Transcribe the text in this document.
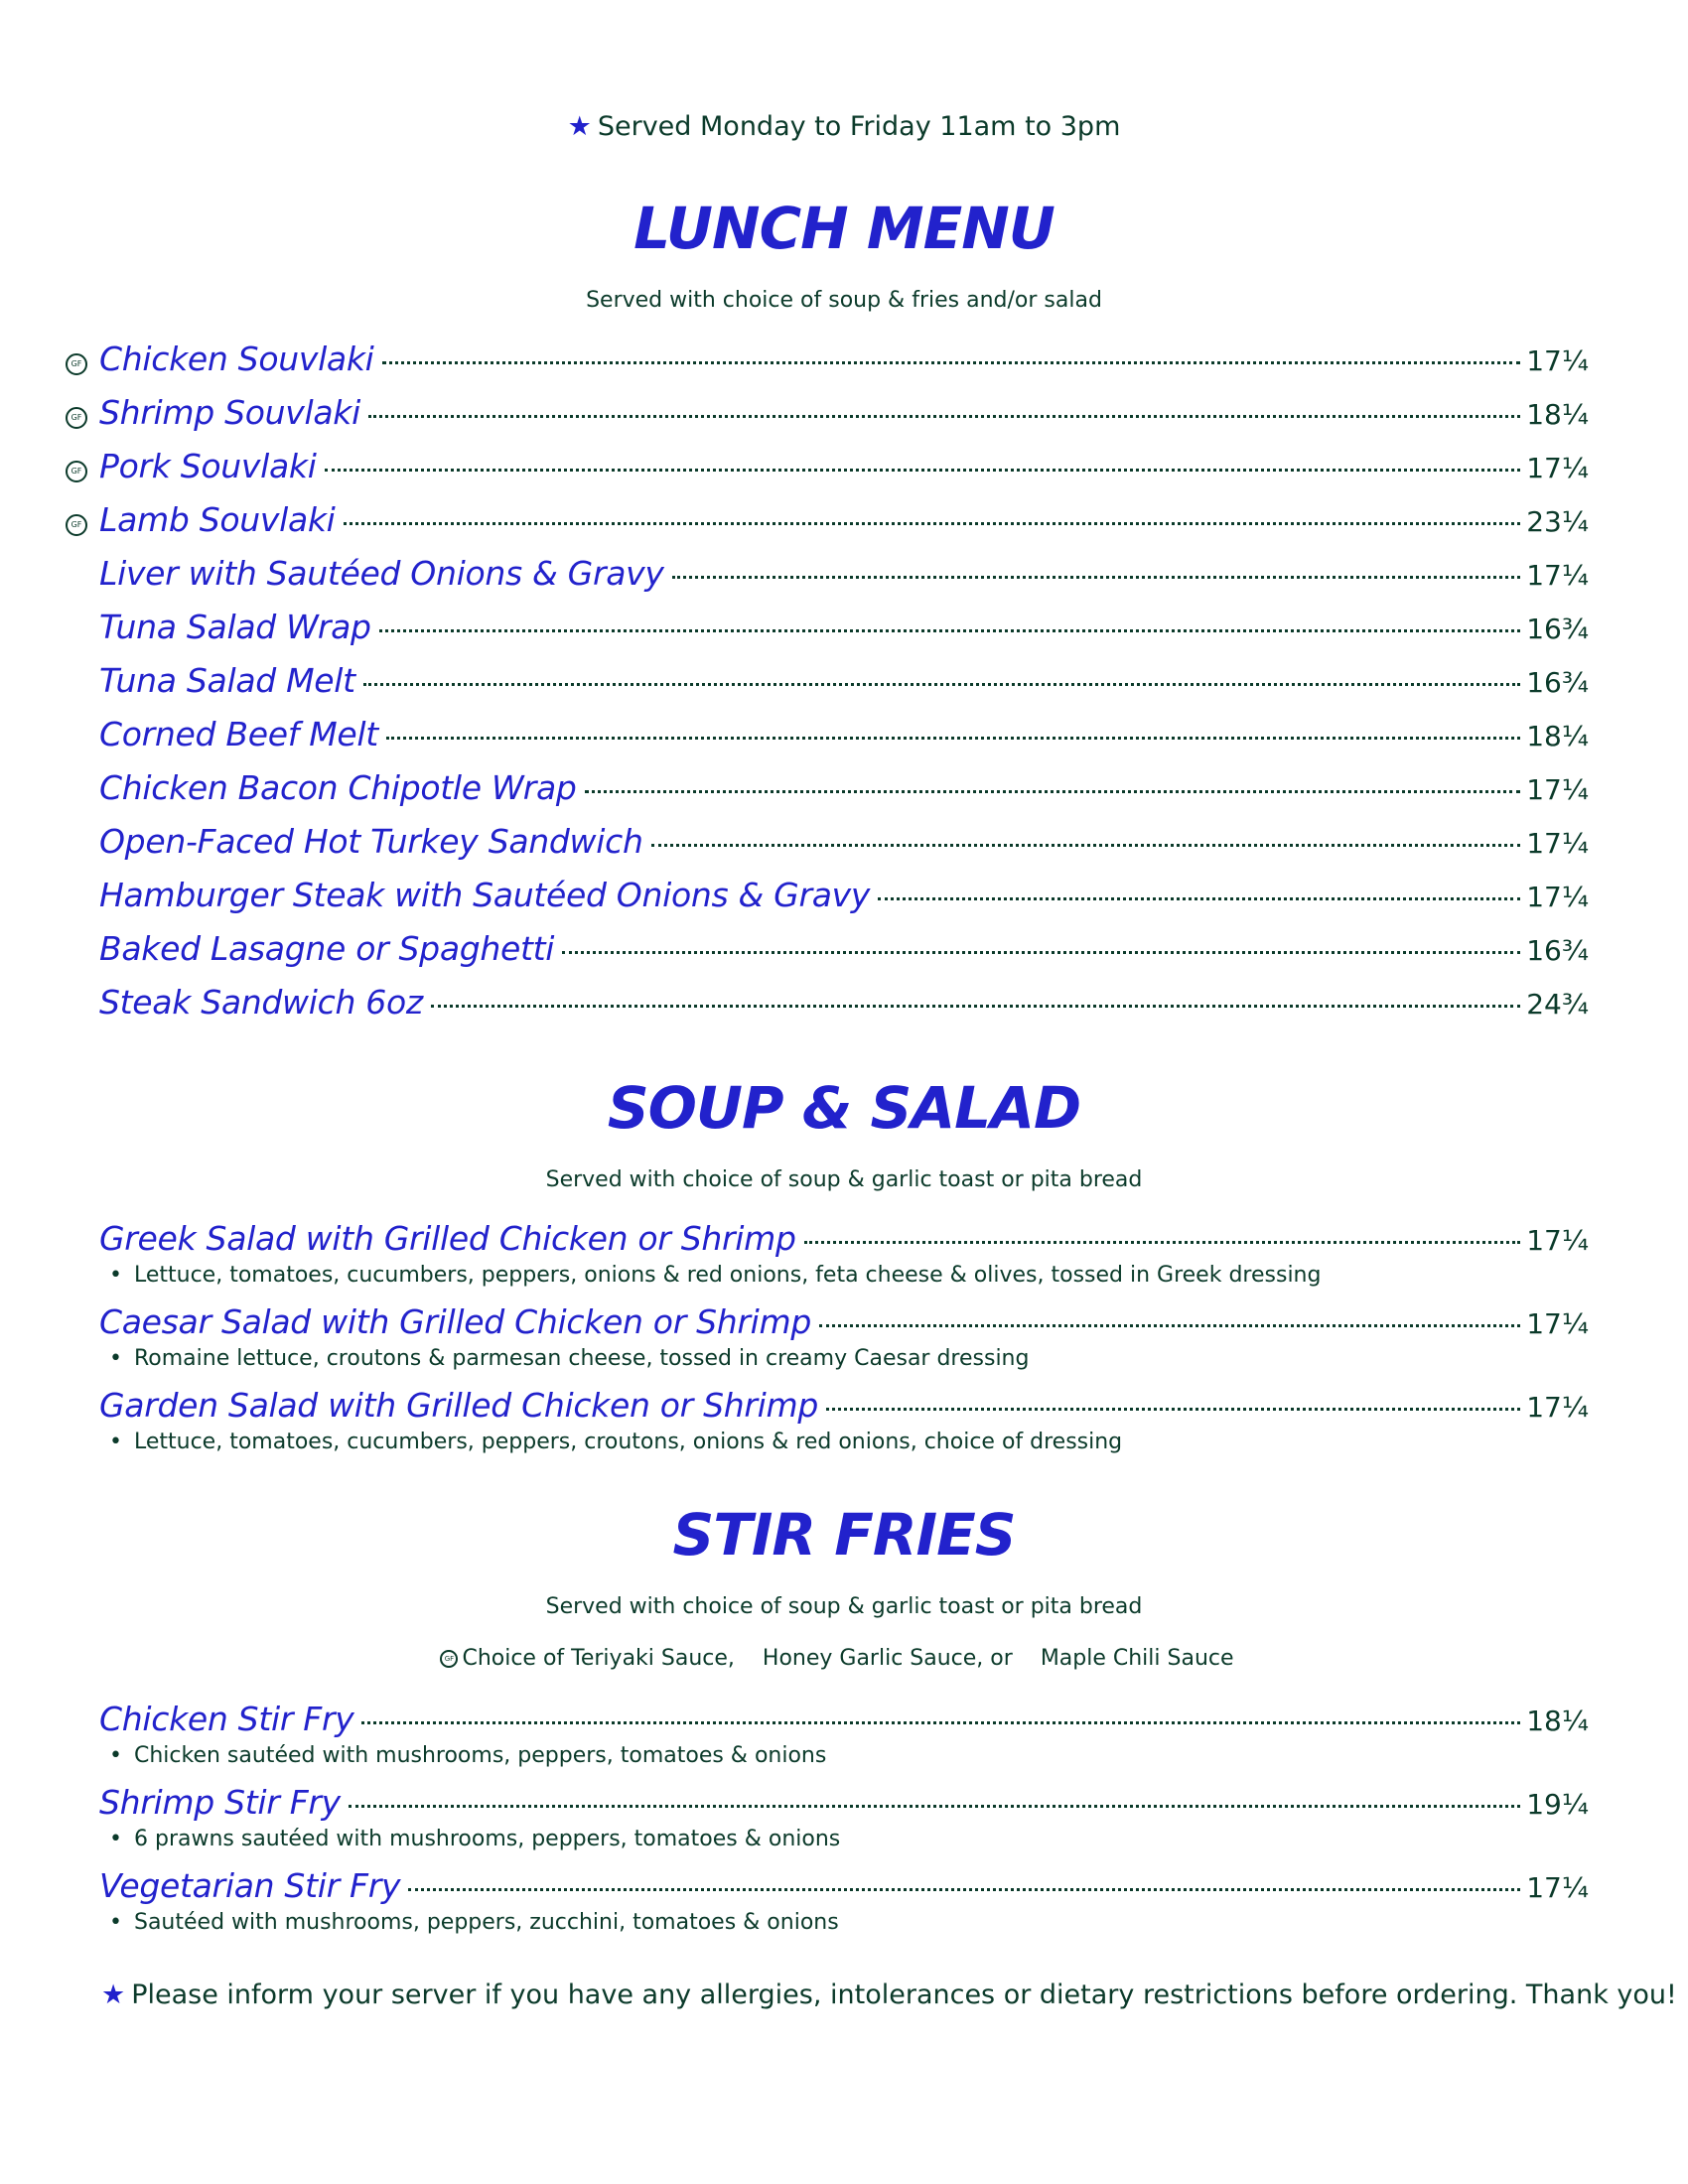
★ Served Monday to Friday 11am to 3pm
LUNCH MENU
Served with choice of soup & fries and/or salad
GF Chicken Souvlaki	17¼
GF Shrimp Souvlaki	18¼
GF Pork Souvlaki	17¼
GF Lamb Souvlaki	23¼
Liver with Sautéed Onions & Gravy	17¼
Tuna Salad Wrap	16¾
Tuna Salad Melt	16¾
Corned Beef Melt	18¼
Chicken Bacon Chipotle Wrap	17¼
Open-Faced Hot Turkey Sandwich	17¼
Hamburger Steak with Sautéed Onions & Gravy	17¼
Baked Lasagne or Spaghetti	16¾
Steak Sandwich 6oz	24¾
SOUP & SALAD
Served with choice of soup & garlic toast or pita bread
Greek Salad with Grilled Chicken or Shrimp	17¼
• Lettuce, tomatoes, cucumbers, peppers, onions & red onions, feta cheese & olives, tossed in Greek dressing
Caesar Salad with Grilled Chicken or Shrimp	17¼
• Romaine lettuce, croutons & parmesan cheese, tossed in creamy Caesar dressing
Garden Salad with Grilled Chicken or Shrimp	17¼
• Lettuce, tomatoes, cucumbers, peppers, croutons, onions & red onions, choice of dressing
STIR FRIES
Served with choice of soup & garlic toast or pita bread
GF Choice of Teriyaki Sauce, Honey Garlic Sauce, or Maple Chili Sauce
Chicken Stir Fry	18¼
• Chicken sautéed with mushrooms, peppers, tomatoes & onions
Shrimp Stir Fry	19¼
• 6 prawns sautéed with mushrooms, peppers, tomatoes & onions
Vegetarian Stir Fry	17¼
• Sautéed with mushrooms, peppers, zucchini, tomatoes & onions
★ Please inform your server if you have any allergies, intolerances or dietary restrictions before ordering. Thank you!
